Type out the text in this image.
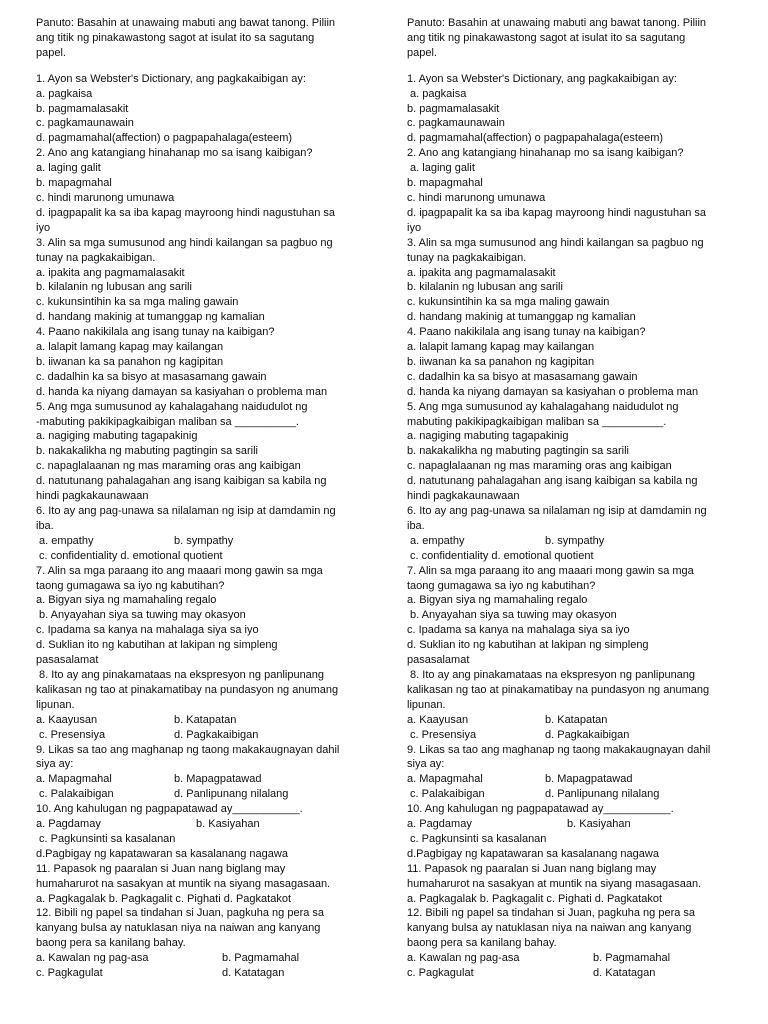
Panuto: Basahin at unawaing mabuti ang bawat tanong. Piliin
ang titik ng pinakawastong sagot at isulat ito sa sagutang
papel.
1. Ayon sa Webster's Dictionary, ang pagkakaibigan ay:
a. pagkaisa
b. pagmamalasakit
c. pagkamaunawain
d. pagmamahal(affection) o pagpapahalaga(esteem)
2. Ano ang katangiang hinahanap mo sa isang kaibigan?
a. laging galit
b. mapagmahal
c. hindi marunong umunawa
d. ipagpapalit ka sa iba kapag mayroong hindi nagustuhan sa
iyo
3. Alin sa mga sumusunod ang hindi kailangan sa pagbuo ng
tunay na pagkakaibigan.
a. ipakita ang pagmamalasakit
b. kilalanin ng lubusan ang sarili
c. kukunsintihin ka sa mga maling gawain
d. handang makinig at tumanggap ng kamalian
4. Paano nakikilala ang isang tunay na kaibigan?
a. lalapit lamang kapag may kailangan
b. iiwanan ka sa panahon ng kagipitan
c. dadalhin ka sa bisyo at masasamang gawain
d. handa ka niyang damayan sa kasiyahan o problema man
5. Ang mga sumusunod ay kahalagahang naidudulot ng
-mabuting pakikipagkaibigan maliban sa __________.
a. nagiging mabuting tagapakinig
b. nakakalikha ng mabuting pagtingin sa sarili
c. napaglalaanan ng mas maraming oras ang kaibigan
d. natutunang pahalagahan ang isang kaibigan sa kabila ng
hindi pagkakaunawaan
6. Ito ay ang pag-unawa sa nilalaman ng isip at damdamin ng
iba.
a. empathy	b. sympathy
c. confidentiality d. emotional quotient
7. Alin sa mga paraang ito ang maaari mong gawin sa mga
taong gumagawa sa iyo ng kabutihan?
a. Bigyan siya ng mamahaling regalo
b. Anyayahan siya sa tuwing may okasyon
c. Ipadama sa kanya na mahalaga siya sa iyo
d. Suklian ito ng kabutihan at lakipan ng simpleng
pasasalamat
8. Ito ay ang pinakamataas na ekspresyon ng panlipunang
kalikasan ng tao at pinakamatibay na pundasyon ng anumang
lipunan.
a. Kaayusan	b. Katapatan
c. Presensiya	d. Pagkakaibigan
9. Likas sa tao ang maghanap ng taong makakaugnayan dahil
siya ay:
a. Mapagmahal	b. Mapagpatawad
c. Palakaibigan	d. Panlipunang nilalang
10. Ang kahulugan ng pagpapatawad ay___________.
a. Pagdamay	b. Kasiyahan
c. Pagkunsinti sa kasalanan
d.Pagbigay ng kapatawaran sa kasalanang nagawa
11. Papasok ng paaralan si Juan nang biglang may
humaharurot na sasakyan at muntik na siyang masagasaan.
a. Pagkagalak b. Pagkagalit c. Pighati d. Pagkatakot
12. Bibili ng papel sa tindahan si Juan, pagkuha ng pera sa
kanyang bulsa ay natuklasan niya na naiwan ang kanyang
baong pera sa kanilang bahay.
a. Kawalan ng pag-asa	b. Pagmamahal
c. Pagkagulat	d. Katatagan
Panuto: Basahin at unawaing mabuti ang bawat tanong. Piliin
ang titik ng pinakawastong sagot at isulat ito sa sagutang
papel.
1. Ayon sa Webster's Dictionary, ang pagkakaibigan ay:
a. pagkaisa
b. pagmamalasakit
c. pagkamaunawain
d. pagmamahal(affection) o pagpapahalaga(esteem)
2. Ano ang katangiang hinahanap mo sa isang kaibigan?
a. laging galit
b. mapagmahal
c. hindi marunong umunawa
d. ipagpapalit ka sa iba kapag mayroong hindi nagustuhan sa
iyo
3. Alin sa mga sumusunod ang hindi kailangan sa pagbuo ng
tunay na pagkakaibigan.
a. ipakita ang pagmamalasakit
b. kilalanin ng lubusan ang sarili
c. kukunsintihin ka sa mga maling gawain
d. handang makinig at tumanggap ng kamalian
4. Paano nakikilala ang isang tunay na kaibigan?
a. lalapit lamang kapag may kailangan
b. iiwanan ka sa panahon ng kagipitan
c. dadalhin ka sa bisyo at masasamang gawain
d. handa ka niyang damayan sa kasiyahan o problema man
5. Ang mga sumusunod ay kahalagahang naidudulot ng
mabuting pakikipagkaibigan maliban sa __________.
a. nagiging mabuting tagapakinig
b. nakakalikha ng mabuting pagtingin sa sarili
c. napaglalaanan ng mas maraming oras ang kaibigan
d. natutunang pahalagahan ang isang kaibigan sa kabila ng
hindi pagkakaunawaan
6. Ito ay ang pag-unawa sa nilalaman ng isip at damdamin ng
iba.
a. empathy	b. sympathy
c. confidentiality d. emotional quotient
7. Alin sa mga paraang ito ang maaari mong gawin sa mga
taong gumagawa sa iyo ng kabutihan?
a. Bigyan siya ng mamahaling regalo
b. Anyayahan siya sa tuwing may okasyon
c. Ipadama sa kanya na mahalaga siya sa iyo
d. Suklian ito ng kabutihan at lakipan ng simpleng
pasasalamat
8. Ito ay ang pinakamataas na ekspresyon ng panlipunang
kalikasan ng tao at pinakamatibay na pundasyon ng anumang
lipunan.
a. Kaayusan	b. Katapatan
c. Presensiya	d. Pagkakaibigan
9. Likas sa tao ang maghanap ng taong makakaugnayan dahil
siya ay:
a. Mapagmahal	b. Mapagpatawad
c. Palakaibigan	d. Panlipunang nilalang
10. Ang kahulugan ng pagpapatawad ay___________.
a. Pagdamay	b. Kasiyahan
c. Pagkunsinti sa kasalanan
d.Pagbigay ng kapatawaran sa kasalanang nagawa
11. Papasok ng paaralan si Juan nang biglang may
humaharurot na sasakyan at muntik na siyang masagasaan.
a. Pagkagalak b. Pagkagalit c. Pighati d. Pagkatakot
12. Bibili ng papel sa tindahan si Juan, pagkuha ng pera sa
kanyang bulsa ay natuklasan niya na naiwan ang kanyang
baong pera sa kanilang bahay.
a. Kawalan ng pag-asa	b. Pagmamahal
c. Pagkagulat	d. Katatagan
